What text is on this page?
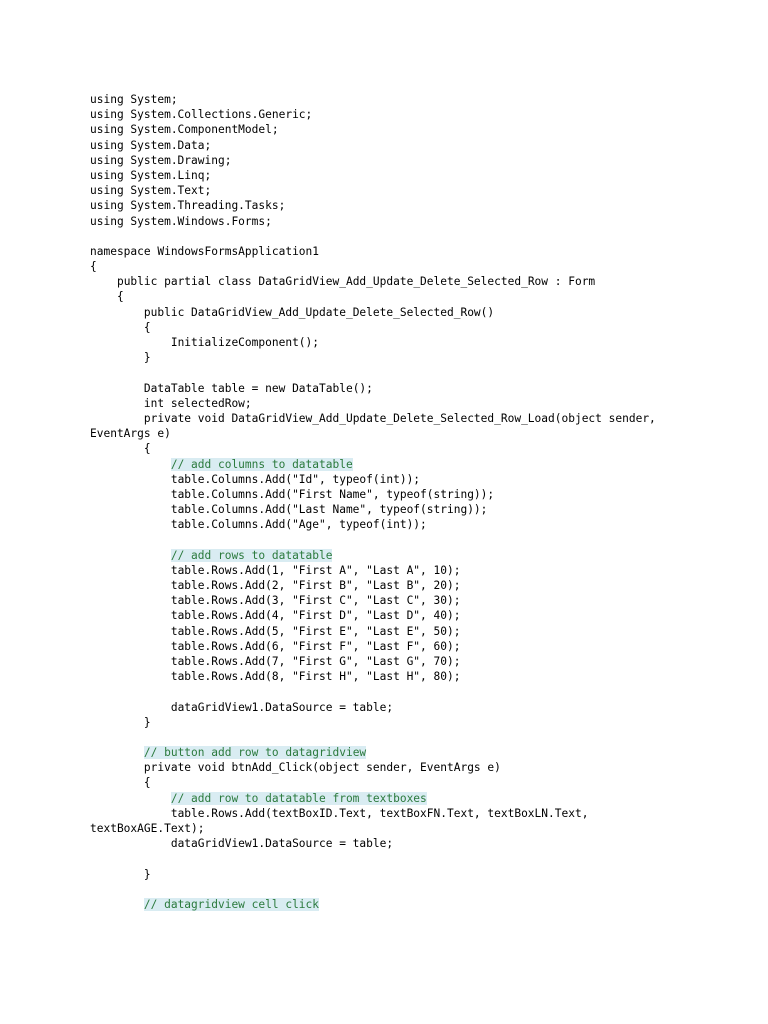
using System;
using System.Collections.Generic;
using System.ComponentModel;
using System.Data;
using System.Drawing;
using System.Linq;
using System.Text;
using System.Threading.Tasks;
using System.Windows.Forms;
namespace WindowsFormsApplication1
{
public partial class DataGridView_Add_Update_Delete_Selected_Row : Form
{
public DataGridView_Add_Update_Delete_Selected_Row()
{
InitializeComponent();
}
DataTable table = new DataTable();
int selectedRow;
private void DataGridView_Add_Update_Delete_Selected_Row_Load(object sender,
EventArgs e)
{
// add columns to datatable
table.Columns.Add("Id", typeof(int));
table.Columns.Add("First Name", typeof(string));
table.Columns.Add("Last Name", typeof(string));
table.Columns.Add("Age", typeof(int));
// add rows to datatable
table.Rows.Add(1, "First A", "Last A", 10);
table.Rows.Add(2, "First B", "Last B", 20);
table.Rows.Add(3, "First C", "Last C", 30);
table.Rows.Add(4, "First D", "Last D", 40);
table.Rows.Add(5, "First E", "Last E", 50);
table.Rows.Add(6, "First F", "Last F", 60);
table.Rows.Add(7, "First G", "Last G", 70);
table.Rows.Add(8, "First H", "Last H", 80);
dataGridView1.DataSource = table;
}
// button add row to datagridview
private void btnAdd_Click(object sender, EventArgs e)
{
// add row to datatable from textboxes
table.Rows.Add(textBoxID.Text, textBoxFN.Text, textBoxLN.Text,
textBoxAGE.Text);
dataGridView1.DataSource = table;
}
// datagridview cell click
